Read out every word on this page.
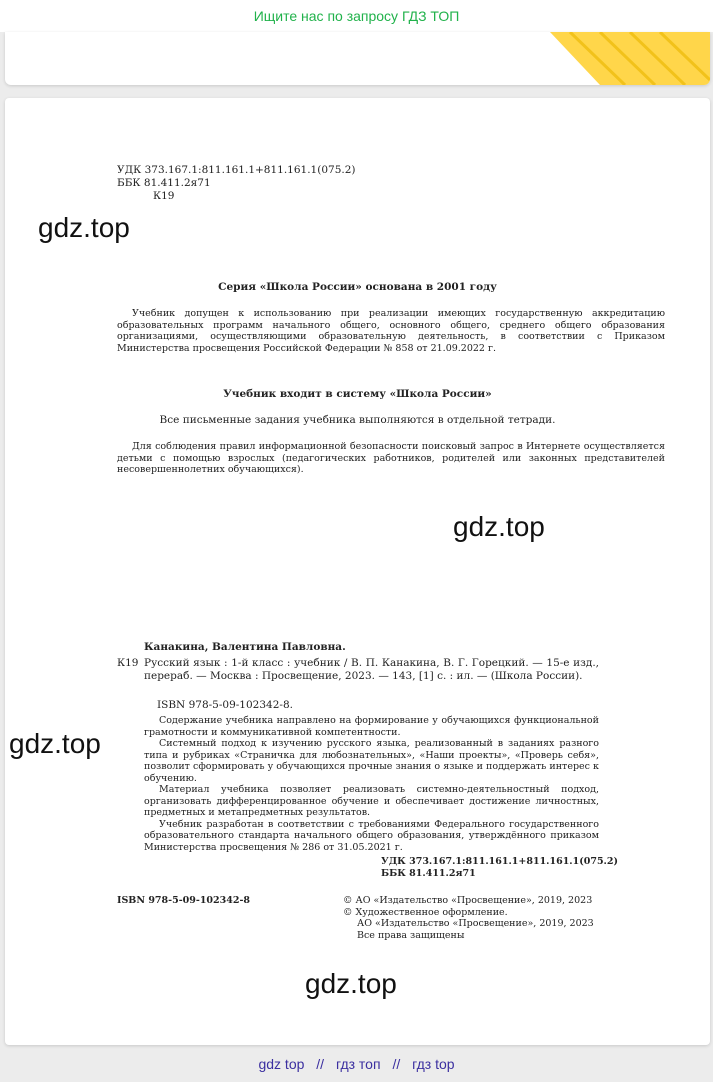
Ищите нас по запросу ГДЗ ТОП

УДК 373.167.1:811.161.1+811.161.1(075.2)

ББК 81.411.2я71

К19

gdz.top
Серия «Школа России» основана в 2001 году
Учебник допущен к использованию при реализации имеющих государственную аккредитацию образовательных программ начального общего, основного общего, среднего общего образования организациями, осуществляющими образовательную деятельность, в соответствии с Приказом Министерства просвещения Российской Федерации № 858 от 21.09.2022 г.
Учебник входит в систему «Школа России»
Все письменные задания учебника выполняются в отдельной тетради.
Для соблюдения правил информационной безопасности поисковый запрос в Интернете осуществляется детьми с помощью взрослых (педагогических работников, родителей или законных представителей несовершеннолетних обучающихся).
gdz.top
Канакина, Валентина Павловна.
К19 Русский язык : 1-й класс : учебник / В. П. Канакина, В. Г. Горецкий. — 15-е изд., перераб. — Москва : Просвещение, 2023. — 143, [1] с. : ил. — (Школа России).
ISBN 978-5-09-102342-8.
gdz.top

Содержание учебника направлено на формирование у обучающихся функциональной грамотности и коммуникативной компетентности.

Системный подход к изучению русского языка, реализованный в заданиях разного типа и рубриках «Страничка для любознательных», «Наши проекты», «Проверь себя», позволит сформировать у обучающихся прочные знания о языке и поддержать интерес к обучению.

Материал учебника позволяет реализовать системно-деятельностный подход, организовать дифференцированное обучение и обеспечивает достижение личностных, предметных и метапредметных результатов.

Учебник разработан в соответствии с требованиями Федерального государственного образовательного стандарта начального общего образования, утверждённого приказом Министерства просвещения № 286 от 31.05.2021 г.

УДК 373.167.1:811.161.1+811.161.1(075.2)

ББК 81.411.2я71

ISBN 978-5-09-102342-8	© АО «Издательство «Просвещение», 2019, 2023

© Художественное оформление.

АО «Издательство «Просвещение», 2019, 2023

Все права защищены

gdz.top
gdz top // гдз топ // гдз top
